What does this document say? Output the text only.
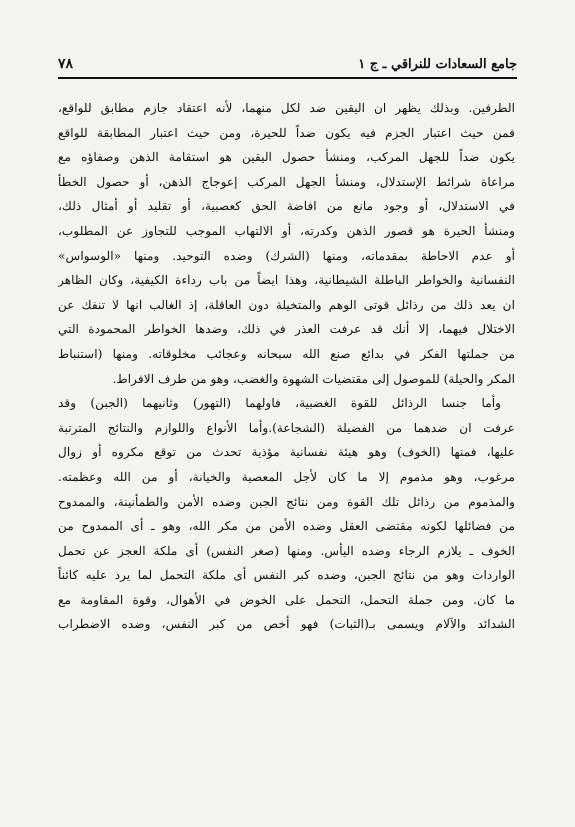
جامع السعادات للنراقي ـ ج ١
٧٨
الطرفين. وبذلك يظهر ان اليقين ضد لكل منهما، لأنه اعتقاد جازم مطابق للواقع،
فمن حيث اعتبار الجزم فيه يكون ضداً للحيرة، ومن حيث اعتبار المطابقة للواقع
يكون ضداً للجهل المركب، ومنشأ حصول اليقين هو استقامة الذهن وصفاؤه مع
مراعاة شرائط الإستدلال، ومنشأ الجهل المركب إعوجاج الذهن، أو حصول الخطأ
في الاستدلال، أو وجود مانع من افاضة الحق كعصبية، أو تقليد أو أمثال ذلك،
ومنشأ الحيرة هو قصور الذهن وكدرته، أو الالتهاب الموجب للتجاوز عن المطلوب،
أو عدم الاحاطة بمقدماته، ومنها (الشرك) وضده التوحيد. ومنها «الوسواس»
النفسانية والخواطر الباطلة الشيطانية، وهذا ايضاً من باب رداءة الكيفية، وكان الظاهر
ان يعد ذلك من رذائل قوتى الوهم والمتخيلة دون العاقلة، إذ الغالب انها لا تنفك عن
الاختلال فيهما، إلا أنك قد عرفت العذر في ذلك، وضدها الخواطر المحمودة التي
من جملتها الفكر في بدائع صنع الله سبحانه وعجائب مخلوقاته. ومنها (استنباط
المكر والحيلة) للموصول إلى مقتضيات الشهوة والغضب، وهو من طرف الافراط.
وأما جنسا الرذائل للقوة الغضبية، فاولهما (التهور) وثانيهما (الجبن) وقد
عرفت ان ضدهما من الفضيلة (الشجاعة).وأما الأنواع واللوازم والنتائج المترتبة
عليها، فمنها (الخوف) وهو هيئة نفسانية مؤذية تحدث من توقع مكروه أو زوال
مرغوب، وهو مذموم إلا ما كان لأجل المعصية والخيانة، أو من الله وعظمته.
والمذموم من رذائل تلك القوة ومن نتائج الجبن وضده الأمن والطمأنينة، والممدوح
من فضائلها لكونه مقتضى العقل وضده الأمن من مكر الله، وهو ـ أى الممدوح من
الخوف ـ يلازم الرجاء وضده اليأس. ومنها (صغر النفس) أى ملكة العجز عن تحمل
الواردات وهو من نتائج الجبن، وضده كبر النفس أى ملكة التحمل لما يرد عليه كائناً
ما كان. ومن جملة التحمل، التحمل على الخوض في الأهوال، وقوة المقاومة مع
الشدائد والآلام ويسمى بـ(الثبات) فهو أخص من كبر النفس، وضده الاضطراب
